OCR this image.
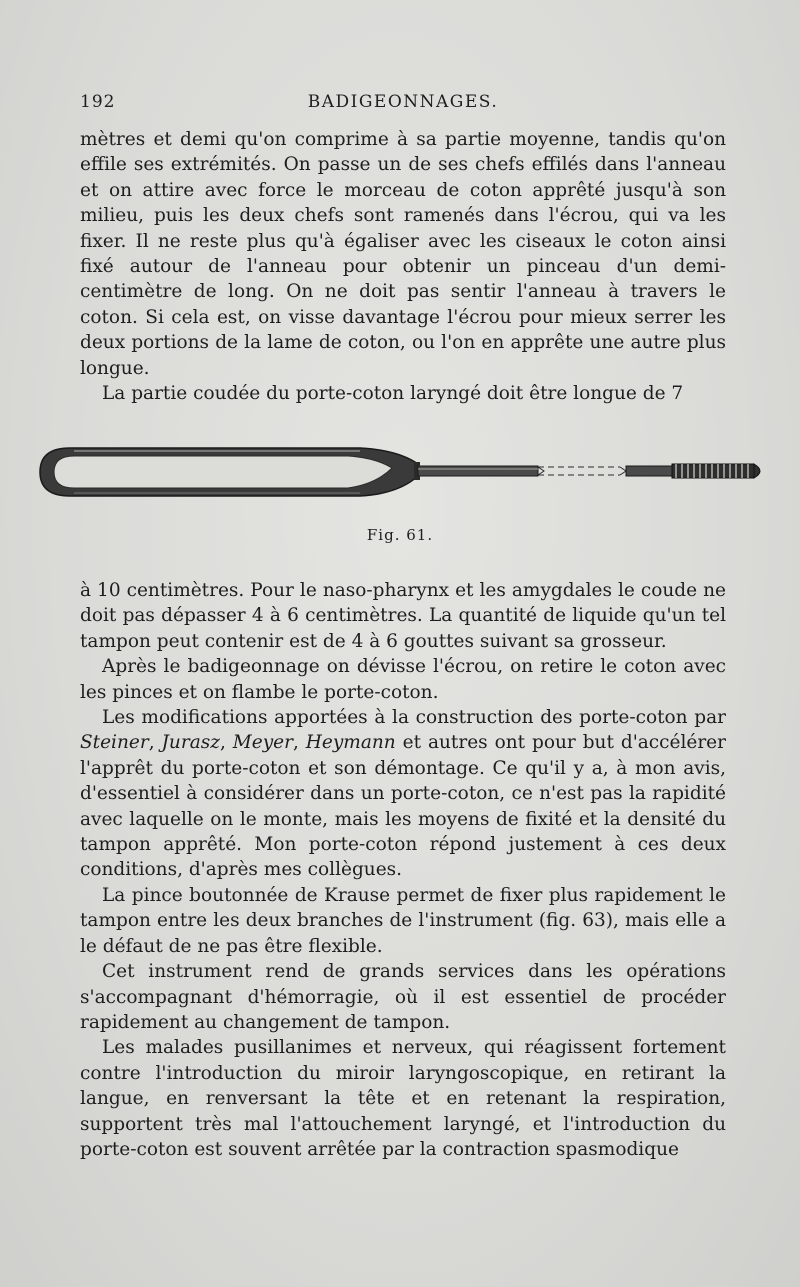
192	BADIGEONNAGES.

mètres et demi qu'on comprime à sa partie moyenne, tandis qu'on effile ses extrémités. On passe un de ses chefs effilés dans l'anneau et on attire avec force le morceau de coton apprêté jusqu'à son milieu, puis les deux chefs sont ramenés dans l'écrou, qui va les fixer. Il ne reste plus qu'à égaliser avec les ciseaux le coton ainsi fixé autour de l'anneau pour obtenir un pinceau d'un demi-centimètre de long. On ne doit pas sentir l'anneau à travers le coton. Si cela est, on visse davantage l'écrou pour mieux serrer les deux portions de la lame de coton, ou l'on en apprête une autre plus longue.

La partie coudée du porte-coton laryngé doit être longue de 7

Fig. 61.

à 10 centimètres. Pour le naso-pharynx et les amygdales le coude ne doit pas dépasser 4 à 6 centimètres. La quantité de liquide qu'un tel tampon peut contenir est de 4 à 6 gouttes suivant sa grosseur.

Après le badigeonnage on dévisse l'écrou, on retire le coton avec les pinces et on flambe le porte-coton.

Les modifications apportées à la construction des porte-coton par Steiner, Jurasz, Meyer, Heymann et autres ont pour but d'accélérer l'apprêt du porte-coton et son démontage. Ce qu'il y a, à mon avis, d'essentiel à considérer dans un porte-coton, ce n'est pas la rapidité avec laquelle on le monte, mais les moyens de fixité et la densité du tampon apprêté. Mon porte-coton répond justement à ces deux conditions, d'après mes collègues.

La pince boutonnée de Krause permet de fixer plus rapidement le tampon entre les deux branches de l'instrument (fig. 63), mais elle a le défaut de ne pas être flexible.

Cet instrument rend de grands services dans les opérations s'accompagnant d'hémorragie, où il est essentiel de procéder rapidement au changement de tampon.

Les malades pusillanimes et nerveux, qui réagissent fortement contre l'introduction du miroir laryngoscopique, en retirant la langue, en renversant la tête et en retenant la respiration, supportent très mal l'attouchement laryngé, et l'introduction du porte-coton est souvent arrêtée par la contraction spasmodique
